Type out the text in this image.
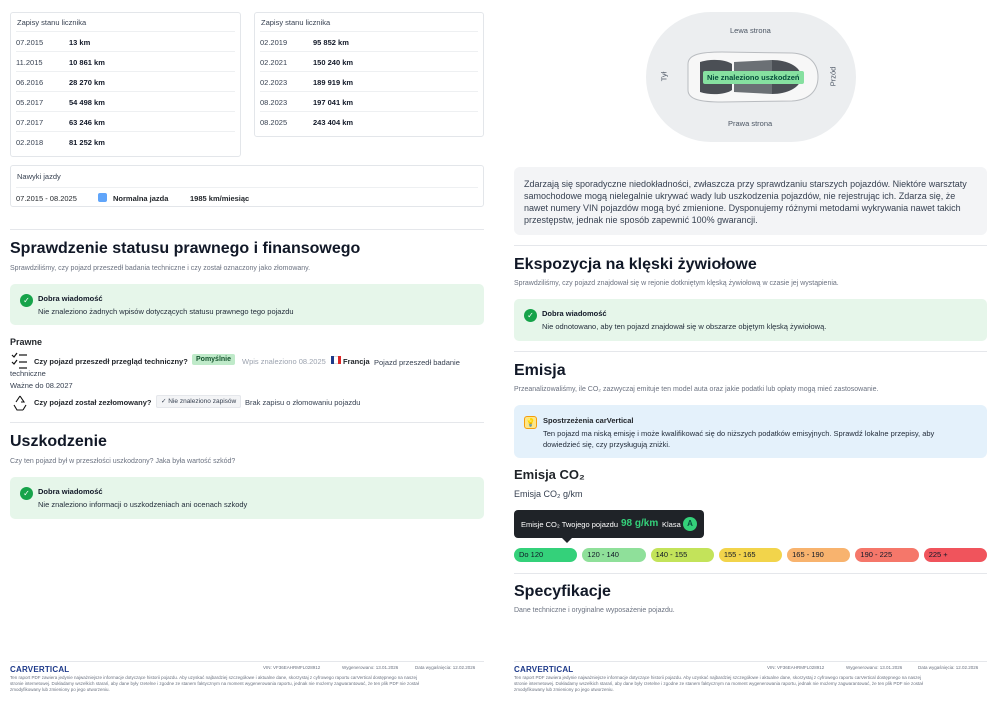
Zapisy stanu licznika
07.2015	13 km
11.2015	10 861 km
06.2016	28 270 km
05.2017	54 498 km
07.2017	63 246 km
02.2018	81 252 km
Zapisy stanu licznika
02.2019	95 852 km
02.2021	150 240 km
02.2023	189 919 km
08.2023	197 041 km
08.2025	243 404 km
Nawyki jazdy
07.2015 - 08.2025	Normalna jazda	1985 km/miesiąc
Sprawdzenie statusu prawnego i finansowego
Sprawdziliśmy, czy pojazd przeszedł badania techniczne i czy został oznaczony jako złomowany.
✓	Dobra wiadomość
Nie znaleziono żadnych wpisów dotyczących statusu prawnego tego pojazdu
Prawne
Czy pojazd przeszedł przegląd techniczny?	Pomyślnie	Wpis znaleziono 08.2025 Francja Pojazd przeszedł badanie techniczne
Ważne do 08.2027
Czy pojazd został zezłomowany?	✓ Nie znaleziono zapisów	Brak zapisu o złomowaniu pojazdu
Uszkodzenie
Czy ten pojazd był w przeszłości uszkodzony? Jaka była wartość szkód?
✓	Dobra wiadomość
Nie znaleziono informacji o uszkodzeniach ani ocenach szkody
CARVERTICAL	VIN: VF36EAHRMFL028912	Wygenerowano: 13.01.2026	Data wygaśnięcia: 12.02.2026
Ten raport PDF zawiera jedynie najważniejsze informacje dotyczące historii pojazdu. Aby uzyskać najbardziej szczegółowe i aktualne dane, skorzystaj z cyfrowego raportu carVertical dostępnego na naszej
stronie internetowej. Dokładamy wszelkich starań, aby dane były rzetelne i zgodne ze stanem faktycznym na moment wygenerowania raportu, jednak nie możemy zagwarantować, że ten plik PDF nie został
zmodyfikowany lub zmieniony po jego utworzeniu.
Lewa strona
Prawa strona
Tył	Przód
Nie znaleziono uszkodzeń
Zdarzają się sporadyczne niedokładności, zwłaszcza przy sprawdzaniu starszych pojazdów. Niektóre warsztaty samochodowe mogą nielegalnie ukrywać wady lub uszkodzenia pojazdów, nie rejestrując ich. Zdarza się, że nawet numery VIN pojazdów mogą być zmienione. Dysponujemy różnymi metodami wykrywania nawet takich przestępstw, jednak nie sposób zapewnić 100% gwarancji.
Ekspozycja na klęski żywiołowe
Sprawdziliśmy, czy pojazd znajdował się w rejonie dotkniętym klęską żywiołową w czasie jej wystąpienia.
✓	Dobra wiadomość
Nie odnotowano, aby ten pojazd znajdował się w obszarze objętym klęską żywiołową.
Emisja
Przeanalizowaliśmy, ile CO₂ zazwyczaj emituje ten model auta oraz jakie podatki lub opłaty mogą mieć zastosowanie.
💡 Spostrzeżenia carVertical
Ten pojazd ma niską emisję i może kwalifikować się do niższych podatków emisyjnych. Sprawdź lokalne przepisy, aby dowiedzieć się, czy przysługują zniżki.
Emisja CO₂
Emisja CO₂ g/km
Emisje CO₂ Twojego pojazdu 98 g/km Klasa A
Do 120	120 - 140	140 - 155	155 - 165	165 - 190	190 - 225	225 +
Specyfikacje
Dane techniczne i oryginalne wyposażenie pojazdu.
CARVERTICAL	VIN: VF36EAHRMFL028912	Wygenerowano: 13.01.2026	Data wygaśnięcia: 12.02.2026
Ten raport PDF zawiera jedynie najważniejsze informacje dotyczące historii pojazdu. Aby uzyskać najbardziej szczegółowe i aktualne dane, skorzystaj z cyfrowego raportu carVertical dostępnego na naszej
stronie internetowej. Dokładamy wszelkich starań, aby dane były rzetelne i zgodne ze stanem faktycznym na moment wygenerowania raportu, jednak nie możemy zagwarantować, że ten plik PDF nie został
zmodyfikowany lub zmieniony po jego utworzeniu.
